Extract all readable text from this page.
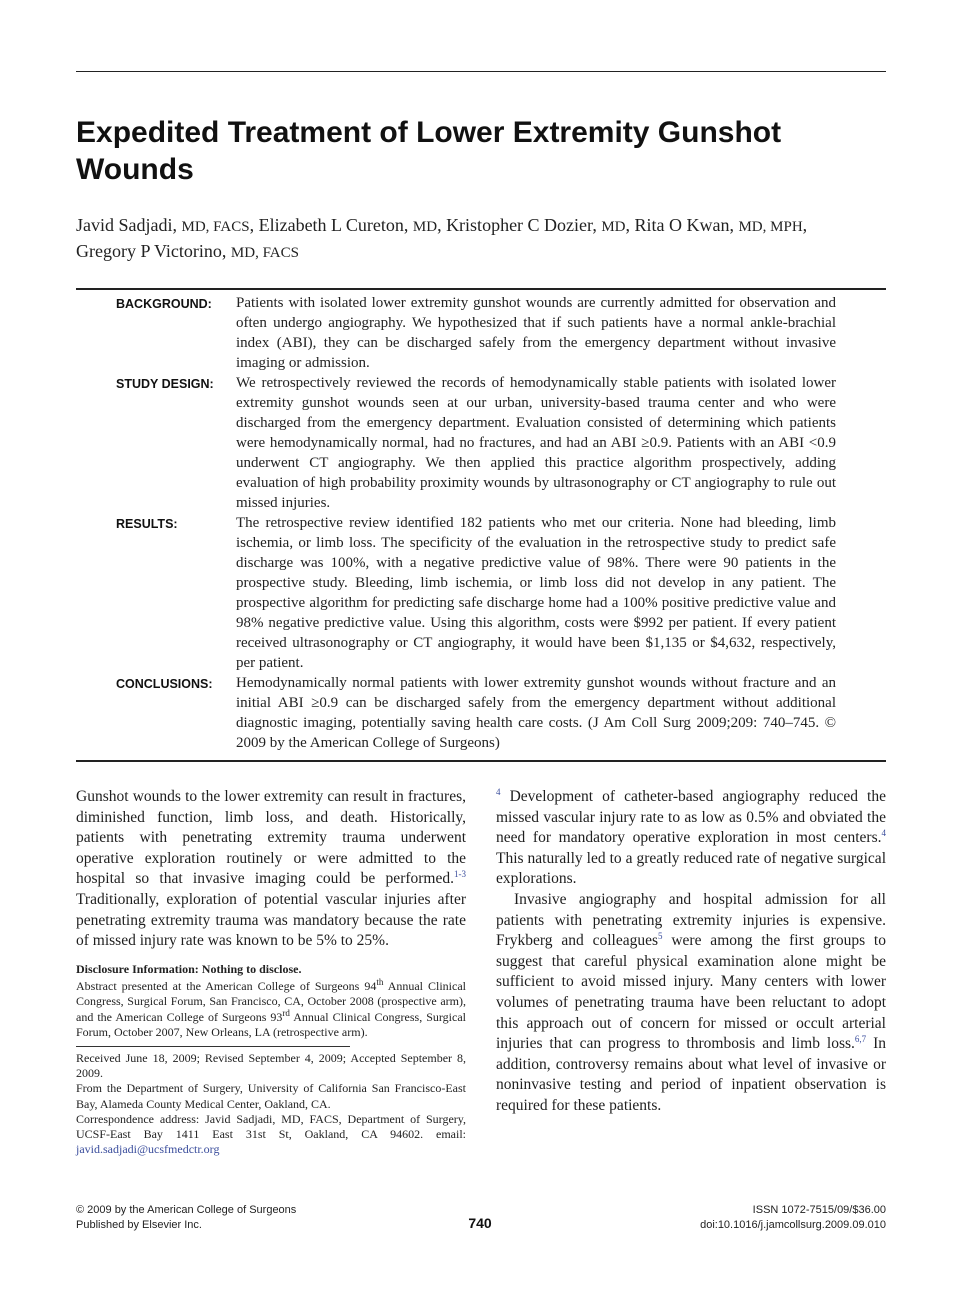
Expedited Treatment of Lower Extremity Gunshot Wounds

Javid Sadjadi, MD, FACS, Elizabeth L Cureton, MD, Kristopher C Dozier, MD, Rita O Kwan, MD, MPH,
Gregory P Victorino, MD, FACS

BACKGROUND:	Patients with isolated lower extremity gunshot wounds are currently admitted for observation and often undergo angiography. We hypothesized that if such patients have a normal ankle-brachial index (ABI), they can be discharged safely from the emergency department without invasive imaging or admission.
STUDY DESIGN:	We retrospectively reviewed the records of hemodynamically stable patients with isolated lower extremity gunshot wounds seen at our urban, university-based trauma center and who were discharged from the emergency department. Evaluation consisted of determining which patients were hemodynamically normal, had no fractures, and had an ABI ≥0.9. Patients with an ABI <0.9 underwent CT angiography. We then applied this practice algorithm prospectively, adding evaluation of high probability proximity wounds by ultrasonography or CT angiography to rule out missed injuries.
RESULTS:	The retrospective review identified 182 patients who met our criteria. None had bleeding, limb ischemia, or limb loss. The specificity of the evaluation in the retrospective study to predict safe discharge was 100%, with a negative predictive value of 98%. There were 90 patients in the prospective study. Bleeding, limb ischemia, or limb loss did not develop in any patient. The prospective algorithm for predicting safe discharge home had a 100% positive predictive value and 98% negative predictive value. Using this algorithm, costs were $992 per patient. If every patient received ultrasonography or CT angiography, it would have been $1,135 or $4,632, respectively, per patient.
CONCLUSIONS:	Hemodynamically normal patients with lower extremity gunshot wounds without fracture and an initial ABI ≥0.9 can be discharged safely from the emergency department without additional diagnostic imaging, potentially saving health care costs. (J Am Coll Surg 2009;209: 740–745. © 2009 by the American College of Surgeons)

Gunshot wounds to the lower extremity can result in fractures, diminished function, limb loss, and death. Historically, patients with penetrating extremity trauma underwent operative exploration routinely or were admitted to the hospital so that invasive imaging could be performed.$^{1-3}$ Traditionally, exploration of potential vascular injuries after penetrating extremity trauma was mandatory because the rate of missed injury rate was known to be 5% to 25%.

Disclosure Information: Nothing to disclose.

Abstract presented at the American College of Surgeons 94th Annual Clinical Congress, Surgical Forum, San Francisco, CA, October 2008 (prospective arm), and the American College of Surgeons 93rd Annual Clinical Congress, Surgical Forum, October 2007, New Orleans, LA (retrospective arm).

Received June 18, 2009; Revised September 4, 2009; Accepted September 8, 2009.

From the Department of Surgery, University of California San Francisco-East Bay, Alameda County Medical Center, Oakland, CA.

Correspondence address: Javid Sadjadi, MD, FACS, Department of Surgery, UCSF-East Bay 1411 East 31st St, Oakland, CA 94602. email: javid.sadjadi@ucsfmedctr.org

$^4$ Development of catheter-based angiography reduced the missed vascular injury rate to as low as 0.5% and obviated the need for mandatory operative exploration in most centers.$^4$ This naturally led to a greatly reduced rate of negative surgical explorations.

Invasive angiography and hospital admission for all patients with penetrating extremity injuries is expensive. Frykberg and colleagues$^5$ were among the first groups to suggest that careful physical examination alone might be sufficient to avoid missed injury. Many centers with lower volumes of penetrating trauma have been reluctant to adopt this approach out of concern for missed or occult arterial injuries that can progress to thrombosis and limb loss.$^{6,7}$ In addition, controversy remains about what level of invasive or noninvasive testing and period of inpatient observation is required for these patients.

© 2009 by the American College of Surgeons
Published by Elsevier Inc.	740
ISSN 1072-7515/09/$36.00
doi:10.1016/j.jamcollsurg.2009.09.010
